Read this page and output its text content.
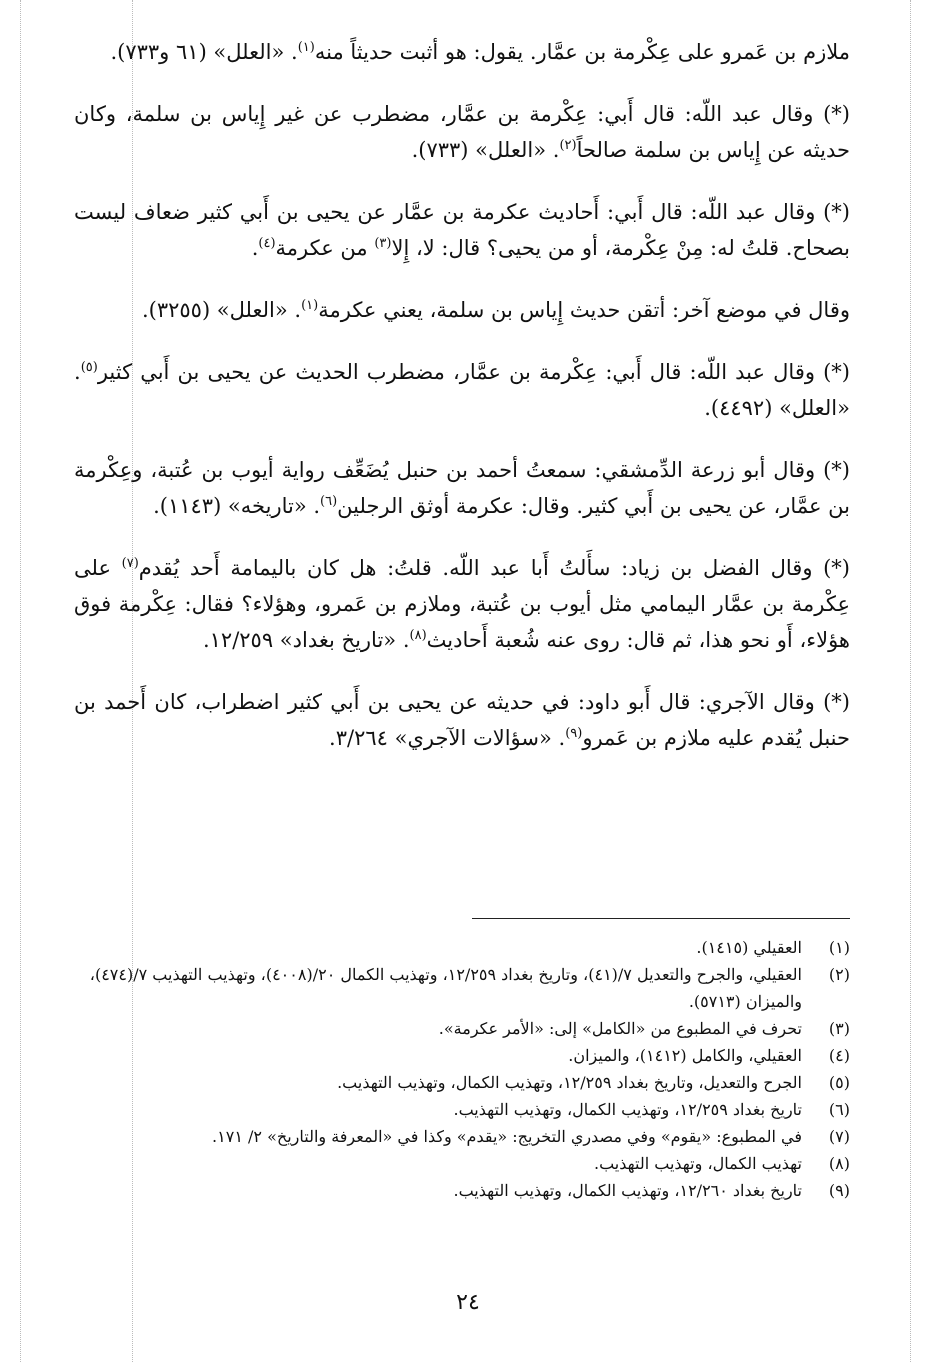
ملازم بن عَمرو على عِكْرمة بن عمَّار. يقول: هو أثبت حديثاً منه$^{(١)}$. «العلل» (٦١ و٧٣٣).

(*) وقال عبد اللّه: قال أَبي: عِكْرمة بن عمَّار، مضطرب عن غير إِياس بن سلمة، وكان حديثه عن إِياس بن سلمة صالحاً$^{(٢)}$. «العلل» (٧٣٣).

(*) وقال عبد اللّه: قال أَبي: أَحاديث عكرمة بن عمَّار عن يحيى بن أَبي كثير ضعاف ليست بصحاح. قلتُ له: مِنْ عِكْرمة، أو من يحيى؟ قال: لا، إِلا$^{(٣)}$ من عكرمة$^{(٤)}$.

وقال في موضع آخر: أتقن حديث إِياس بن سلمة، يعني عكرمة$^{(١)}$. «العلل» (٣٢٥٥).

(*) وقال عبد اللّه: قال أَبي: عِكْرمة بن عمَّار، مضطرب الحديث عن يحيى بن أَبي كثير$^{(٥)}$. «العلل» (٤٤٩٢).

(*) وقال أبو زرعة الدِّمشقي: سمعتُ أحمد بن حنبل يُضَعِّف رواية أيوب بن عُتبة، وعِكْرمة بن عمَّار، عن يحيى بن أَبي كثير. وقال: عكرمة أوثق الرجلين$^{(٦)}$. «تاريخه» (١١٤٣).

(*) وقال الفضل بن زياد: سأَلتُ أَبا عبد اللّه. قلتُ: هل كان باليمامة أَحد يُقدم$^{(٧)}$ على عِكْرمة بن عمَّار اليمامي مثل أيوب بن عُتبة، وملازم بن عَمرو، وهؤلاء؟ فقال: عِكْرمة فوق هؤلاء، أَو نحو هذا، ثم قال: روى عنه شُعبة أَحاديث$^{(٨)}$. «تاريخ بغداد» ١٢/٢٥٩.

(*) وقال الآجري: قال أَبو داود: في حديثه عن يحيى بن أَبي كثير اضطراب، كان أَحمد بن حنبل يُقدم عليه ملازم بن عَمرو$^{(٩)}$. «سؤالات الآجري» ٣/٢٦٤.

(١)
العقيلي (١٤١٥).
(٢)
العقيلي، والجرح والتعديل ٧/(٤١)، وتاريخ بغداد ١٢/٢٥٩، وتهذيب الكمال ٢٠/(٤٠٠٨)، وتهذيب التهذيب ٧/(٤٧٤)، والميزان (٥٧١٣).
(٣)
تحرف في المطبوع من «الكامل» إلى: «الأمر عكرمة».
(٤)
العقيلي، والكامل (١٤١٢)، والميزان.
(٥)
الجرح والتعديل، وتاريخ بغداد ١٢/٢٥٩، وتهذيب الكمال، وتهذيب التهذيب.
(٦)
تاريخ بغداد ١٢/٢٥٩، وتهذيب الكمال، وتهذيب التهذيب.
(٧)
في المطبوع: «يقوم» وفي مصدري التخريج: «يقدم» وكذا في «المعرفة والتاريخ» ٢/ ١٧١.
(٨)
تهذيب الكمال، وتهذيب التهذيب.
(٩)
تاريخ بغداد ١٢/٢٦٠، وتهذيب الكمال، وتهذيب التهذيب.
٢٤
